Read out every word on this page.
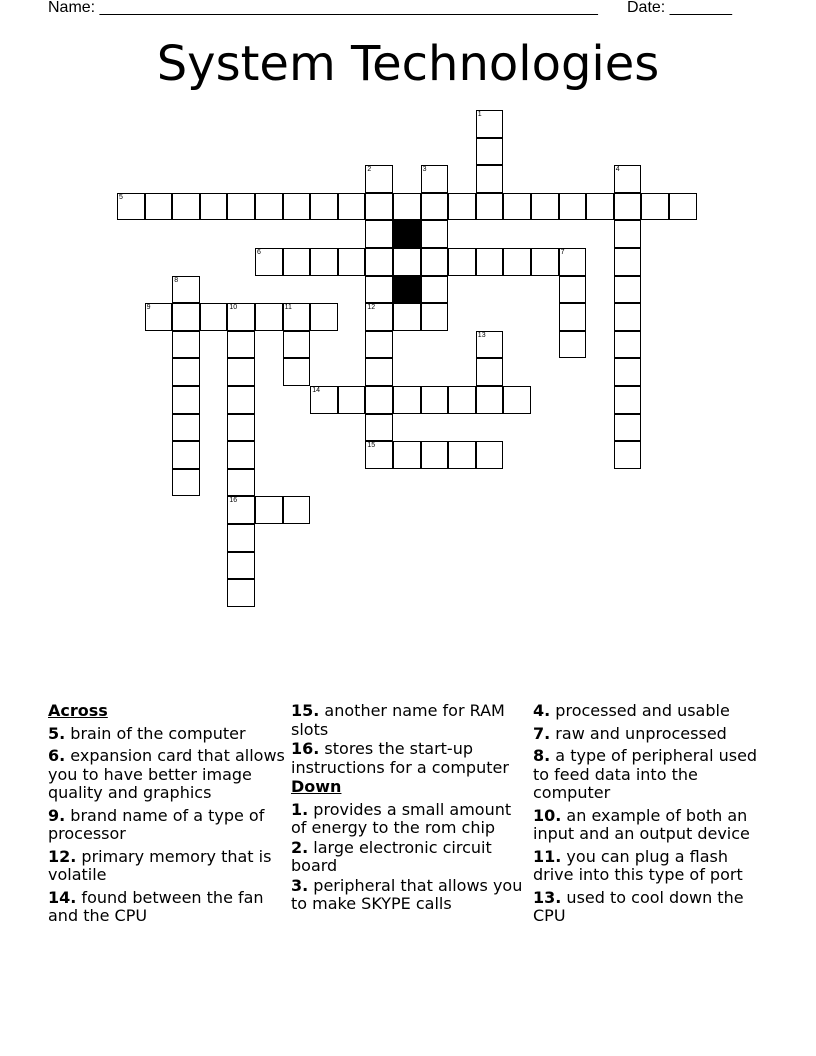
Name: ________________________________________________________ Date: _______
System Technologies
1
2	3	4
5
6	7
8
9	10	11	12
13
14
15
16
Across
5. brain of the computer
6. expansion card that allows you to have better image quality and graphics
9. brand name of a type of processor
12. primary memory that is volatile
14. found between the fan and the CPU
15. another name for RAM slots
16. stores the start-up instructions for a computer
Down
1. provides a small amount of energy to the rom chip
2. large electronic circuit board
3. peripheral that allows you to make SKYPE calls
4. processed and usable
7. raw and unprocessed
8. a type of peripheral used to feed data into the computer
10. an example of both an input and an output device
11. you can plug a flash drive into this type of port
13. used to cool down the CPU
